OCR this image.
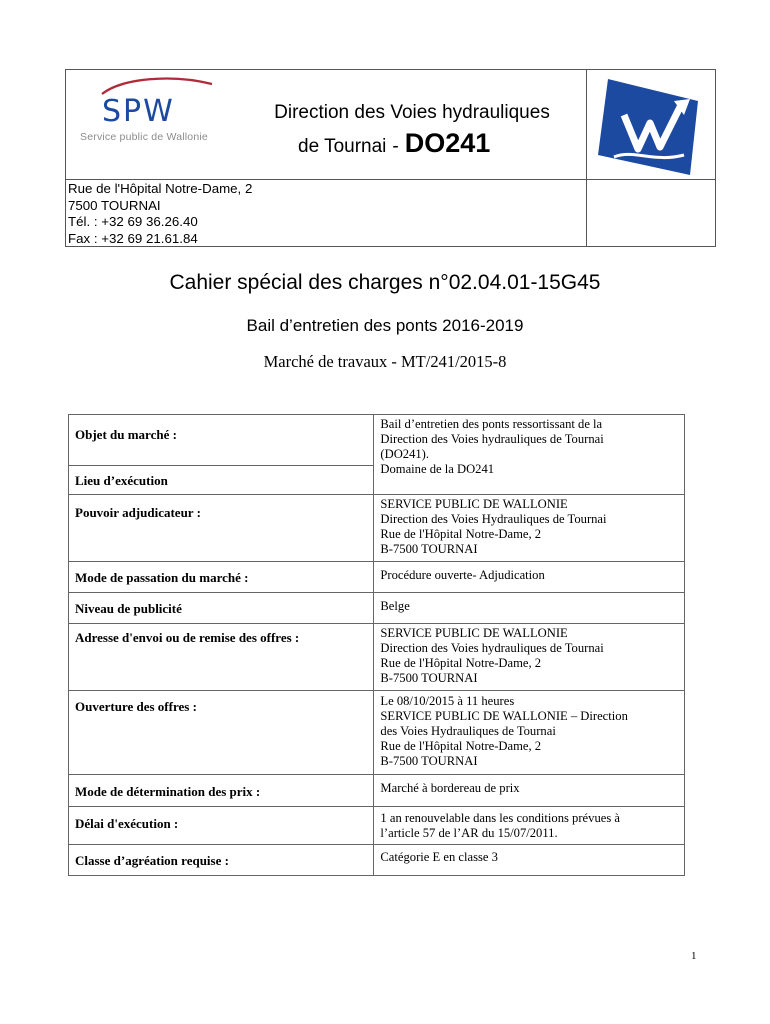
SPW
Service public de Wallonie
Direction des Voies hydrauliques
de Tournai - DO241
Rue de l'Hôpital Notre-Dame, 2
7500 TOURNAI
Tél. : +32 69 36.26.40
Fax : +32 69 21.61.84
Cahier spécial des charges n°02.04.01-15G45
Bail d’entretien des ponts 2016-2019
Marché de travaux - MT/241/2015-8
Objet du marché :	Bail d’entretien des ponts ressortissant de la
Direction des Voies hydrauliques de Tournai
(DO241).
Domaine de la DO241

Lieu d’exécution	

Pouvoir adjudicateur :	SERVICE PUBLIC DE WALLONIE
Direction des Voies Hydrauliques de Tournai
Rue de l'Hôpital Notre-Dame, 2
B-7500 TOURNAI

Mode de passation du marché :	Procédure ouverte- Adjudication

Niveau de publicité	Belge

Adresse d'envoi ou de remise des offres :	SERVICE PUBLIC DE WALLONIE
Direction des Voies hydrauliques de Tournai
Rue de l'Hôpital Notre-Dame, 2
B-7500 TOURNAI

Ouverture des offres :	Le 08/10/2015 à 11 heures
SERVICE PUBLIC DE WALLONIE – Direction
des Voies Hydrauliques de Tournai
Rue de l'Hôpital Notre-Dame, 2
B-7500 TOURNAI

Mode de détermination des prix :	Marché à bordereau de prix

Délai d'exécution :	1 an renouvelable dans les conditions prévues à
l’article 57 de l’AR du 15/07/2011.

Classe d’agréation requise :	Catégorie E en classe 3
1
